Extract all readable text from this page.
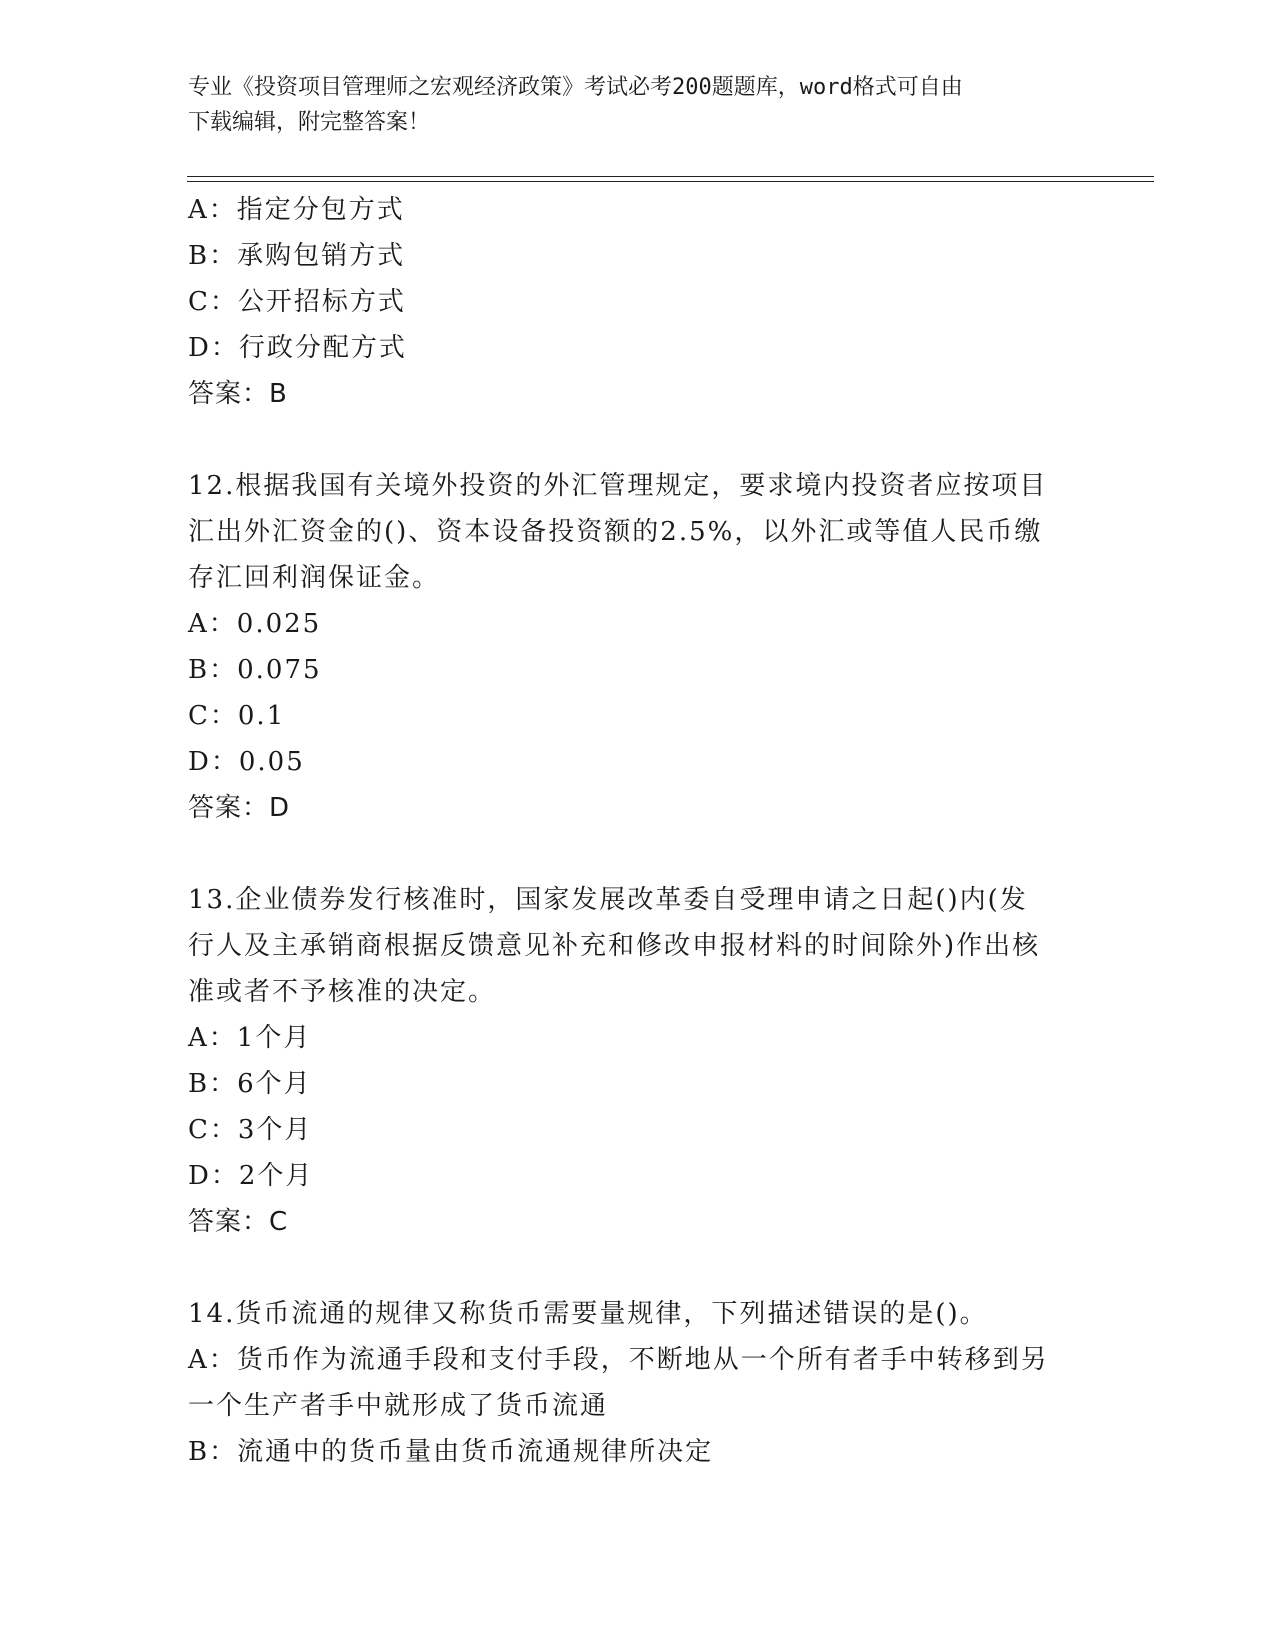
专业《投资项目管理师之宏观经济政策》考试必考200题题库，word格式可自由
下载编辑，附完整答案！
A：指定分包方式
B：承购包销方式
C：公开招标方式
D：行政分配方式
答案：B
12.根据我国有关境外投资的外汇管理规定，要求境内投资者应按项目
汇出外汇资金的()、资本设备投资额的2.5%，以外汇或等值人民币缴
存汇回利润保证金。
A：0.025
B：0.075
C：0.1
D：0.05
答案：D
13.企业债券发行核准时，国家发展改革委自受理申请之日起()内(发
行人及主承销商根据反馈意见补充和修改申报材料的时间除外)作出核
准或者不予核准的决定。
A：1个月
B：6个月
C：3个月
D：2个月
答案：C
14.货币流通的规律又称货币需要量规律，下列描述错误的是()。
A：货币作为流通手段和支付手段，不断地从一个所有者手中转移到另
一个生产者手中就形成了货币流通
B：流通中的货币量由货币流通规律所决定
